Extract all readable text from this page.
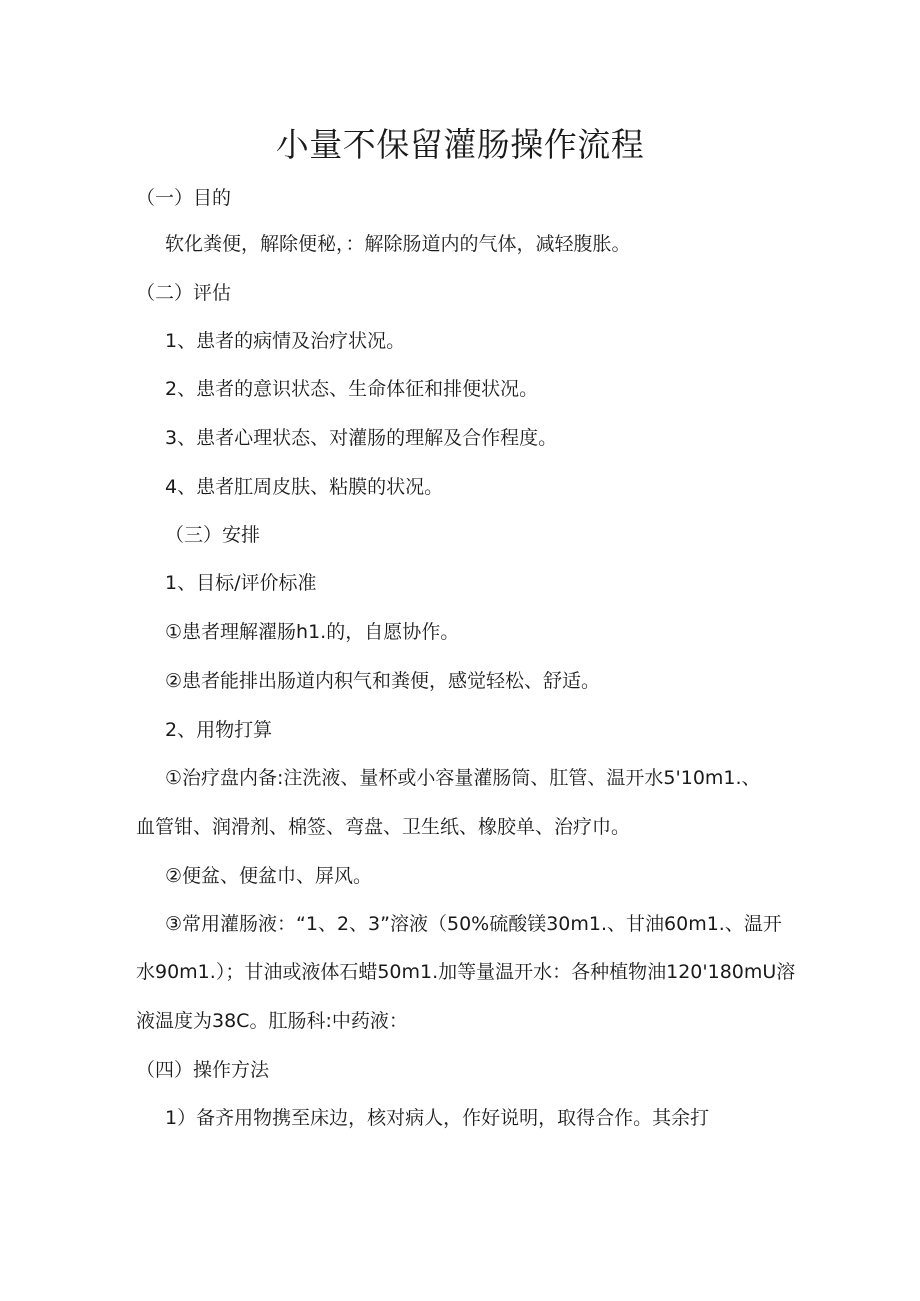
小量不保留灌肠操作流程

（一）目的

软化粪便，解除便秘，：解除肠道内的气体，减轻腹胀。

（二）评估

1、患者的病情及治疗状况。

2、患者的意识状态、生命体征和排便状况。

3、患者心理状态、对灌肠的理解及合作程度。

4、患者肛周皮肤、粘膜的状况。

（三）安排

1、目标/评价标准

①患者理解濯肠h1.的，自愿协作。

②患者能排出肠道内积气和粪便，感觉轻松、舒适。

2、用物打算

①治疗盘内备:注洗液、量杯或小容量灌肠筒、肛管、温开水5'10m1.、

血管钳、润滑剂、棉签、弯盘、卫生纸、橡胶单、治疗巾。

②便盆、便盆巾、屏风。

③常用灌肠液：“1、2、3”溶液（50%硫酸镁30m1.、甘油60m1.、温开

水90m1.）；甘油或液体石蜡50m1.加等量温开水：各种植物油120'180mU溶

液温度为38C。肛肠科:中药液：

（四）操作方法

1）备齐用物携至床边，核对病人，作好说明，取得合作。其余打
